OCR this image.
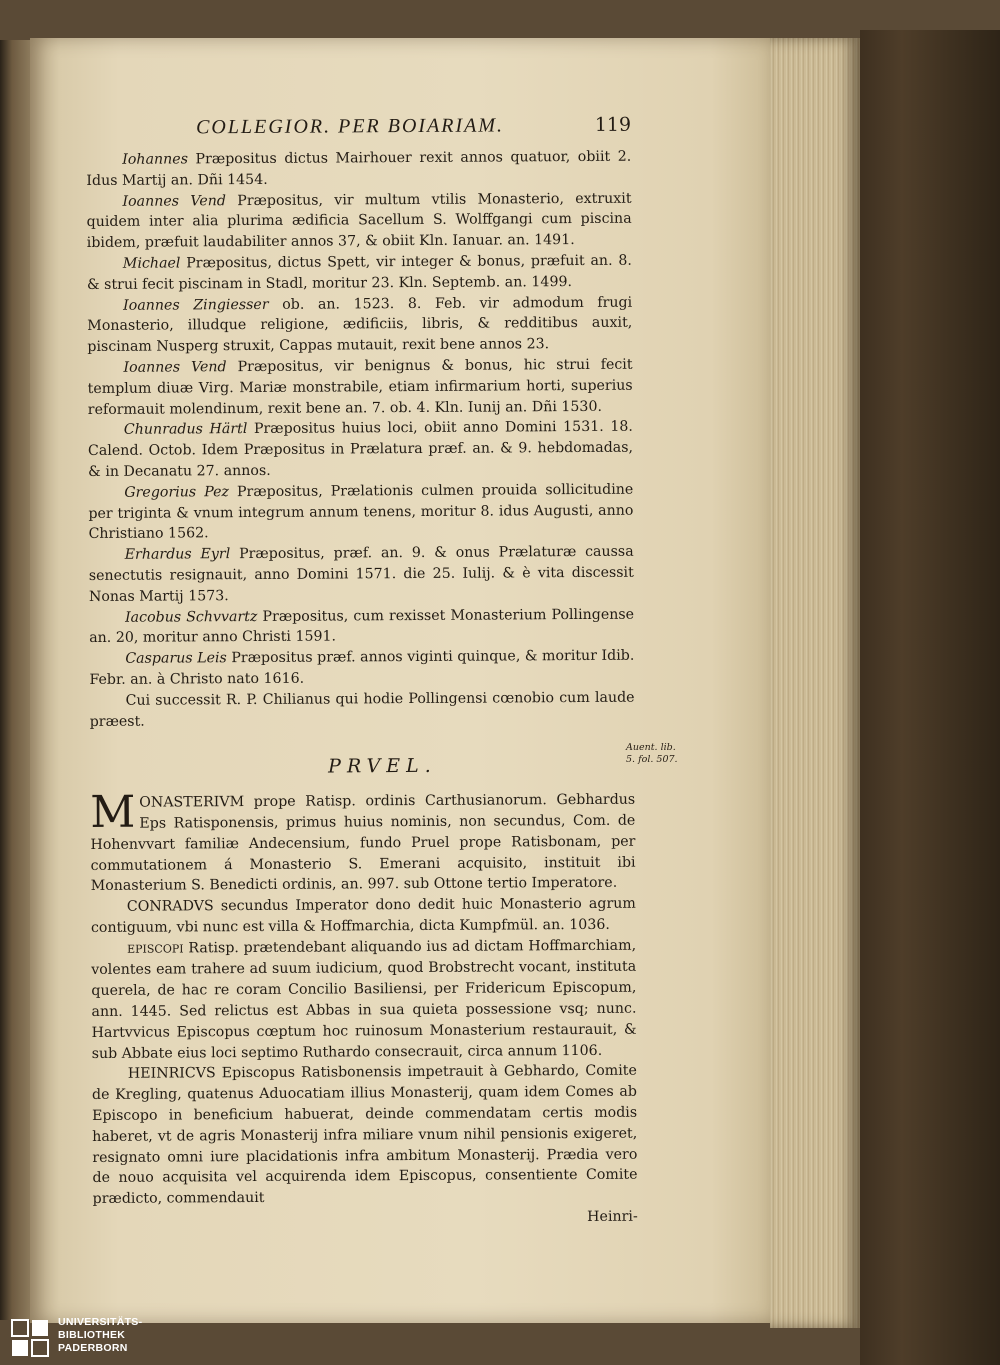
COLLEGIOR. PER BOIARIAM.	119

Iohannes Præpositus dictus Mairhouer rexit annos quatuor, obiit 2. Idus Martij an. Dñi 1454.

Ioannes Vend Præpositus, vir multum vtilis Monasterio, extruxit quidem inter alia plurima ædificia Sacellum S. Wolffgangi cum piscina ibidem, præfuit laudabiliter annos 37, & obiit Kln. Ianuar. an. 1491.

Michael Præpositus, dictus Spett, vir integer & bonus, præfuit an. 8. & strui fecit piscinam in Stadl, moritur 23. Kln. Septemb. an. 1499.

Ioannes Zingiesser ob. an. 1523. 8. Feb. vir admodum frugi Monasterio, illudque religione, ædificiis, libris, & redditibus auxit, piscinam Nusperg struxit, Cappas mutauit, rexit bene annos 23.

Ioannes Vend Præpositus, vir benignus & bonus, hic strui fecit templum diuæ Virg. Mariæ monstrabile, etiam infirmarium horti, superius reformauit molendinum, rexit bene an. 7. ob. 4. Kln. Iunij an. Dñi 1530.

Chunradus Härtl Præpositus huius loci, obiit anno Domini 1531. 18. Calend. Octob. Idem Præpositus in Prælatura præf. an. & 9. hebdomadas, & in Decanatu 27. annos.

Gregorius Pez Præpositus, Prælationis culmen prouida sollicitudine per triginta & vnum integrum annum tenens, moritur 8. idus Augusti, anno Christiano 1562.

Erhardus Eyrl Præpositus, præf. an. 9. & onus Prælaturæ caussa senectutis resignauit, anno Domini 1571. die 25. Iulij. & è vita discessit Nonas Martij 1573.

Iacobus Schvvartz Præpositus, cum rexisset Monasterium Pollingense an. 20, moritur anno Christi 1591.

Casparus Leis Præpositus præf. annos viginti quinque, & moritur Idib. Febr. an. à Christo nato 1616.

Cui successit R. P. Chilianus qui hodie Pollingensi cœnobio cum laude præest.

PRVEL.

MONASTERIVM prope Ratisp. ordinis Carthusianorum. Gebhardus Eps Ratisponensis, primus huius nominis, non secundus, Com. de Hohenvvart familiæ Andecensium, fundo Pruel prope Ratisbonam, per commutationem á Monasterio S. Emerani acquisito, instituit ibi Monasterium S. Benedicti ordinis, an. 997. sub Ottone tertio Imperatore.

CONRADVS secundus Imperator dono dedit huic Monasterio agrum contiguum, vbi nunc est villa & Hoffmarchia, dicta Kumpfmül. an. 1036.

EPISCOPI Ratisp. prætendebant aliquando ius ad dictam Hoffmarchiam, volentes eam trahere ad suum iudicium, quod Brobstrecht vocant, instituta querela, de hac re coram Concilio Basiliensi, per Fridericum Episcopum, ann. 1445. Sed relictus est Abbas in sua quieta possessione vsq; nunc. Hartvvicus Episcopus cœptum hoc ruinosum Monasterium restaurauit, & sub Abbate eius loci septimo Ruthardo consecrauit, circa annum 1106.

HEINRICVS Episcopus Ratisbonensis impetrauit à Gebhardo, Comite de Kregling, quatenus Aduocatiam illius Monasterij, quam idem Comes ab Episcopo in beneficium habuerat, deinde commendatam certis modis haberet, vt de agris Monasterij infra miliare vnum nihil pensionis exigeret, resignato omni iure placidationis infra ambitum Monasterij. Prædia vero de nouo acquisita vel acquirenda idem Episcopus, consentiente Comite prædicto, commendauit

Heinri-

Auent. lib.
5. fol. 507.
UNIVERSITÄTS-
BIBLIOTHEK
PADERBORN
